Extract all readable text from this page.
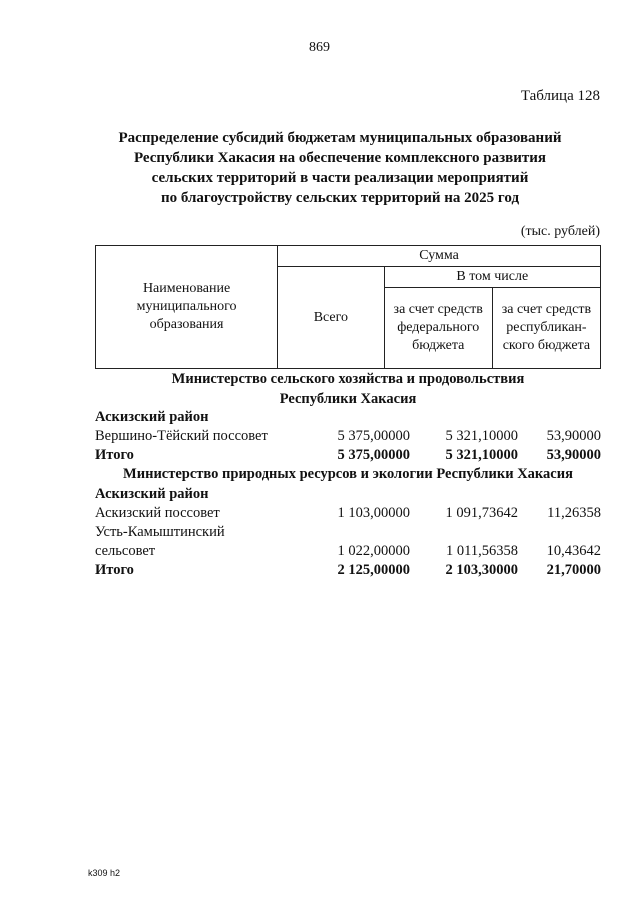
869
Таблица 128
Распределение субсидий бюджетам муниципальных образований
Республики Хакасия на обеспечение комплексного развития
сельских территорий в части реализации мероприятий
по благоустройству сельских территорий на 2025 год
(тыс. рублей)
Наименование муниципального образования	Сумма		
	Всего	В том числе	
		за счет средств федерального бюджета	за счет средств республикан-ского бюджета
Министерство сельского хозяйства и продовольствия
Республики Хакасия
Аскизский район
Вершино-Тёйский поссовет	5 375,00000	5 321,10000	53,90000
Итого	5 375,00000	5 321,10000	53,90000
Министерство природных ресурсов и экологии Республики Хакасия
Аскизский район
Аскизский поссовет	1 103,00000	1 091,73642	11,26358
Усть-Камыштинский
сельсовет	1 022,00000	1 011,56358	10,43642
Итого	2 125,00000	2 103,30000	21,70000
k309 h2
